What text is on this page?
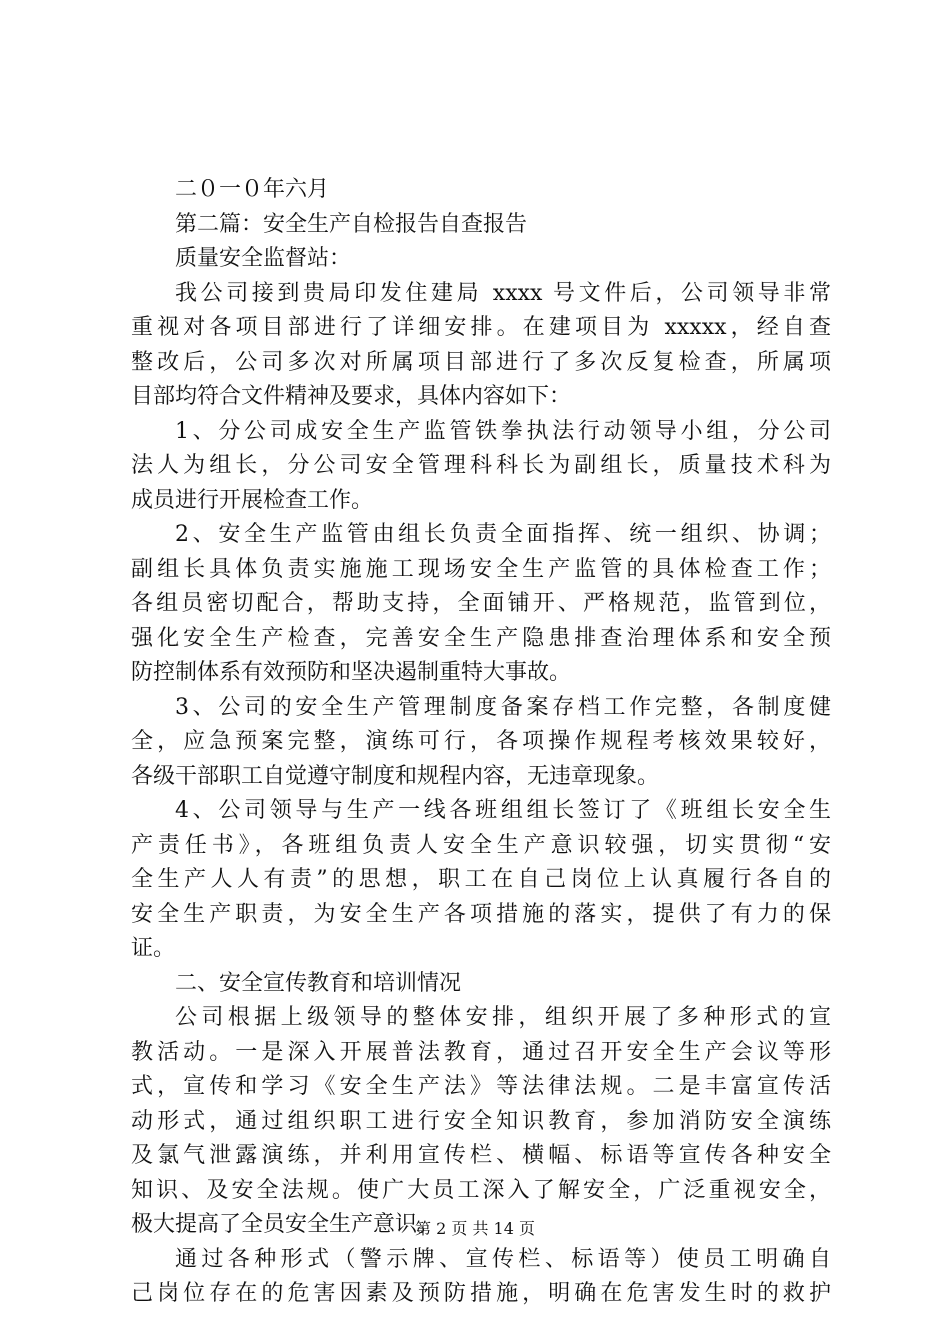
二０一０年六月
第二篇：安全生产自检报告自查报告
质量安全监督站：
我公司接到贵局印发住建局 xxxx 号文件后，公司领导非常
重视对各项目部进行了详细安排。在建项目为 xxxxx，经自查
整改后，公司多次对所属项目部进行了多次反复检查，所属项
目部均符合文件精神及要求，具体内容如下：
1、分公司成安全生产监管铁拳执法行动领导小组，分公司
法人为组长，分公司安全管理科科长为副组长，质量技术科为
成员进行开展检查工作。
2、安全生产监管由组长负责全面指挥、统一组织、协调；
副组长具体负责实施施工现场安全生产监管的具体检查工作；
各组员密切配合，帮助支持，全面铺开、严格规范，监管到位，
强化安全生产检查，完善安全生产隐患排查治理体系和安全预
防控制体系有效预防和坚决遏制重特大事故。
3、公司的安全生产管理制度备案存档工作完整，各制度健
全，应急预案完整，演练可行，各项操作规程考核效果较好，
各级干部职工自觉遵守制度和规程内容，无违章现象。
4、公司领导与生产一线各班组组长签订了《班组长安全生
产责任书》，各班组负责人安全生产意识较强，切实贯彻“安
全生产人人有责”的思想，职工在自己岗位上认真履行各自的
安全生产职责，为安全生产各项措施的落实，提供了有力的保
证。
二、安全宣传教育和培训情况
公司根据上级领导的整体安排，组织开展了多种形式的宣
教活动。一是深入开展普法教育，通过召开安全生产会议等形
式，宣传和学习《安全生产法》等法律法规。二是丰富宣传活
动形式，通过组织职工进行安全知识教育，参加消防安全演练
及氯气泄露演练，并利用宣传栏、横幅、标语等宣传各种安全
知识、及安全法规。使广大员工深入了解安全，广泛重视安全，
极大提高了全员安全生产意识。
通过各种形式（警示牌、宣传栏、标语等）使员工明确自
己岗位存在的危害因素及预防措施，明确在危害发生时的救护
第 2 页 共 14 页
